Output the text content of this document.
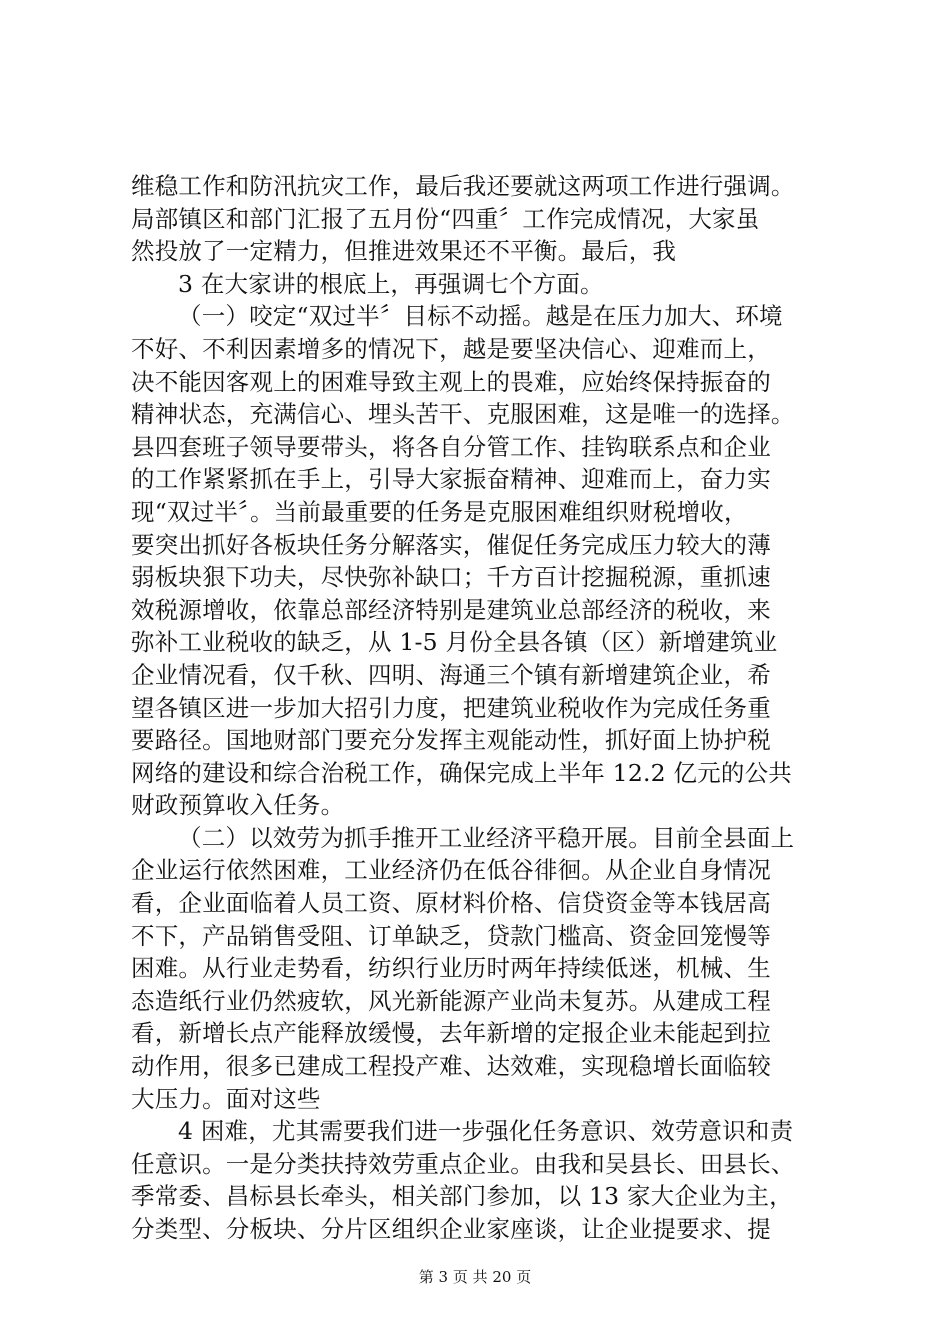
维稳工作和防汛抗灾工作，最后我还要就这两项工作进行强调。
局部镇区和部门汇报了五月份“四重〞工作完成情况，大家虽
然投放了一定精力，但推进效果还不平衡。最后，我
3 在大家讲的根底上，再强调七个方面。
（一）咬定“双过半〞目标不动摇。越是在压力加大、环境
不好、不利因素增多的情况下，越是要坚决信心、迎难而上，
决不能因客观上的困难导致主观上的畏难，应始终保持振奋的
精神状态，充满信心、埋头苦干、克服困难，这是唯一的选择。
县四套班子领导要带头，将各自分管工作、挂钩联系点和企业
的工作紧紧抓在手上，引导大家振奋精神、迎难而上，奋力实
现“双过半〞。当前最重要的任务是克服困难组织财税增收，
要突出抓好各板块任务分解落实，催促任务完成压力较大的薄
弱板块狠下功夫，尽快弥补缺口；千方百计挖掘税源，重抓速
效税源增收，依靠总部经济特别是建筑业总部经济的税收，来
弥补工业税收的缺乏，从 1-5 月份全县各镇（区）新增建筑业
企业情况看，仅千秋、四明、海通三个镇有新增建筑企业，希
望各镇区进一步加大招引力度，把建筑业税收作为完成任务重
要路径。国地财部门要充分发挥主观能动性，抓好面上协护税
网络的建设和综合治税工作，确保完成上半年 12.2 亿元的公共
财政预算收入任务。
（二）以效劳为抓手推开工业经济平稳开展。目前全县面上
企业运行依然困难，工业经济仍在低谷徘徊。从企业自身情况
看，企业面临着人员工资、原材料价格、信贷资金等本钱居高
不下，产品销售受阻、订单缺乏，贷款门槛高、资金回笼慢等
困难。从行业走势看，纺织行业历时两年持续低迷，机械、生
态造纸行业仍然疲软，风光新能源产业尚未复苏。从建成工程
看，新增长点产能释放缓慢，去年新增的定报企业未能起到拉
动作用，很多已建成工程投产难、达效难，实现稳增长面临较
大压力。面对这些
4 困难，尤其需要我们进一步强化任务意识、效劳意识和责
任意识。一是分类扶持效劳重点企业。由我和吴县长、田县长、
季常委、昌标县长牵头，相关部门参加，以 13 家大企业为主，
分类型、分板块、分片区组织企业家座谈，让企业提要求、提
第 3 页 共 20 页
